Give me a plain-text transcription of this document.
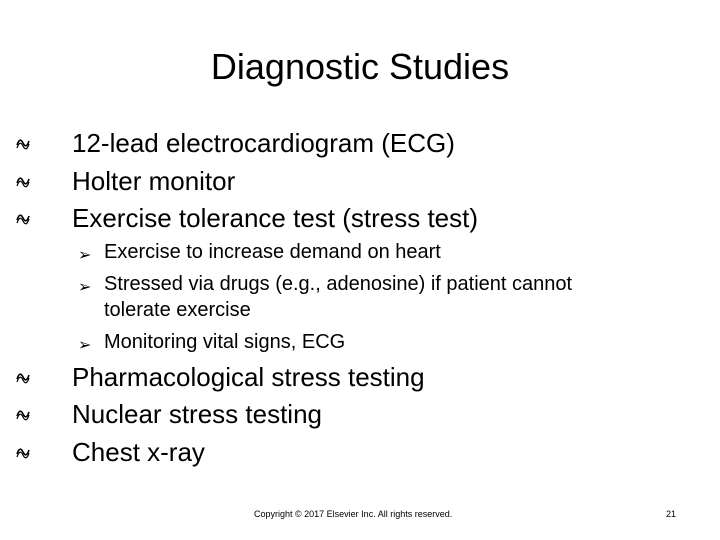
Diagnostic Studies
12-lead electrocardiogram (ECG)
Holter monitor
Exercise tolerance test (stress test)
➢ Exercise to increase demand on heart
➢ Stressed via drugs (e.g., adenosine) if patient cannot
tolerate exercise
➢ Monitoring vital signs, ECG
Pharmacological stress testing
Nuclear stress testing
Chest x-ray
Copyright © 2017 Elsevier Inc. All rights reserved.	21
